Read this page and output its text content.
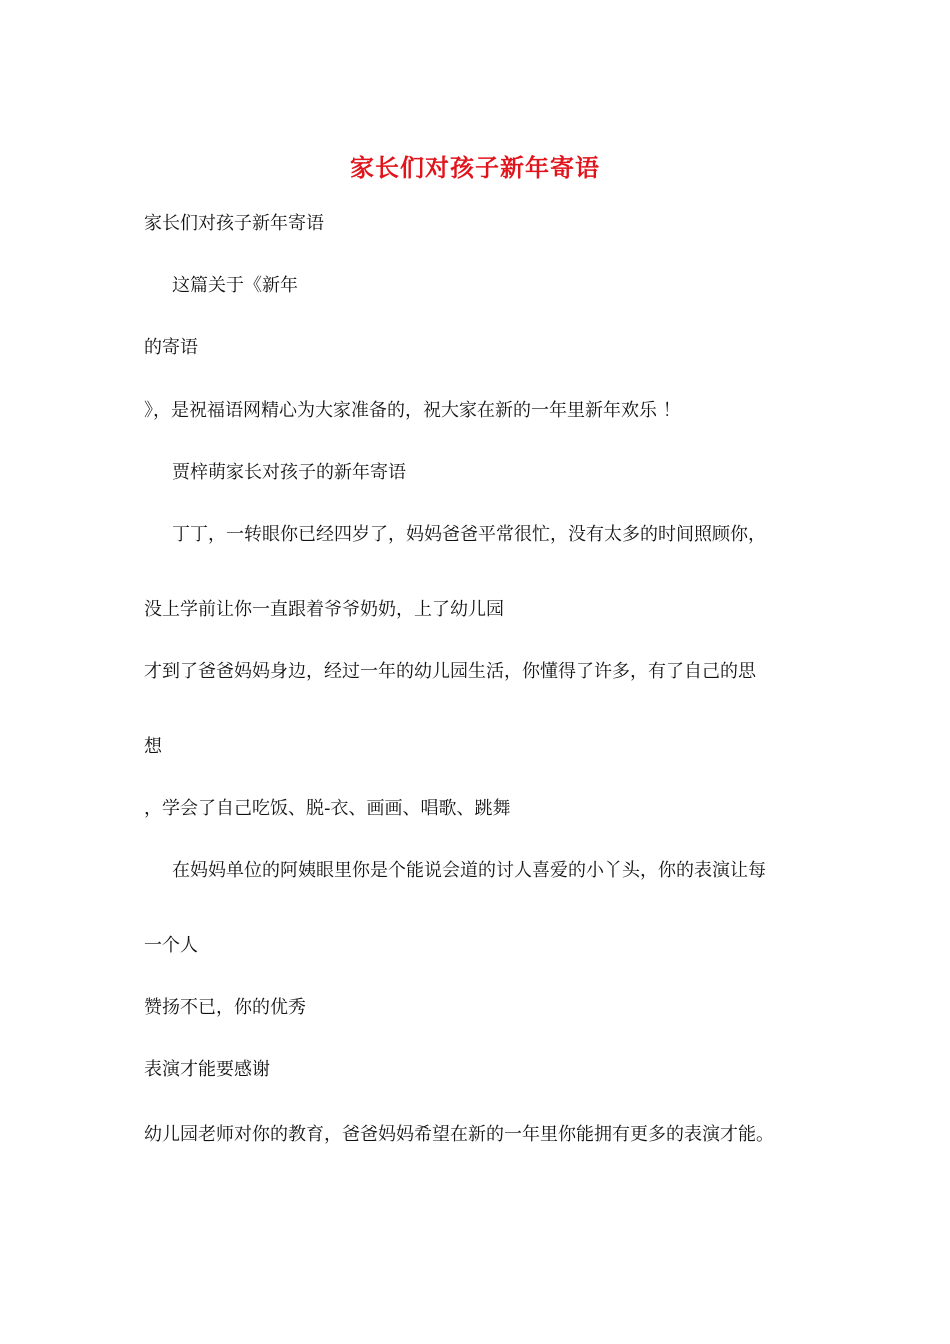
家长们对孩子新年寄语

家长们对孩子新年寄语

这篇关于《新年

的寄语

》，是祝福语网精心为大家准备的，祝大家在新的一年里新年欢乐 ！

贾梓萌家长对孩子的新年寄语

丁丁，一转眼你已经四岁了，妈妈爸爸平常很忙，没有太多的时间照顾你，

没上学前让你一直跟着爷爷奶奶，上了幼儿园

才到了爸爸妈妈身边，经过一年的幼儿园生活，你懂得了许多，有了自己的思

想

，学会了自己吃饭、脱-衣、画画、唱歌、跳舞

在妈妈单位的阿姨眼里你是个能说会道的讨人喜爱的小丫头，你的表演让每

一个人

赞扬不已，你的优秀

表演才能要感谢

幼儿园老师对你的教育，爸爸妈妈希望在新的一年里你能拥有更多的表演才能。
